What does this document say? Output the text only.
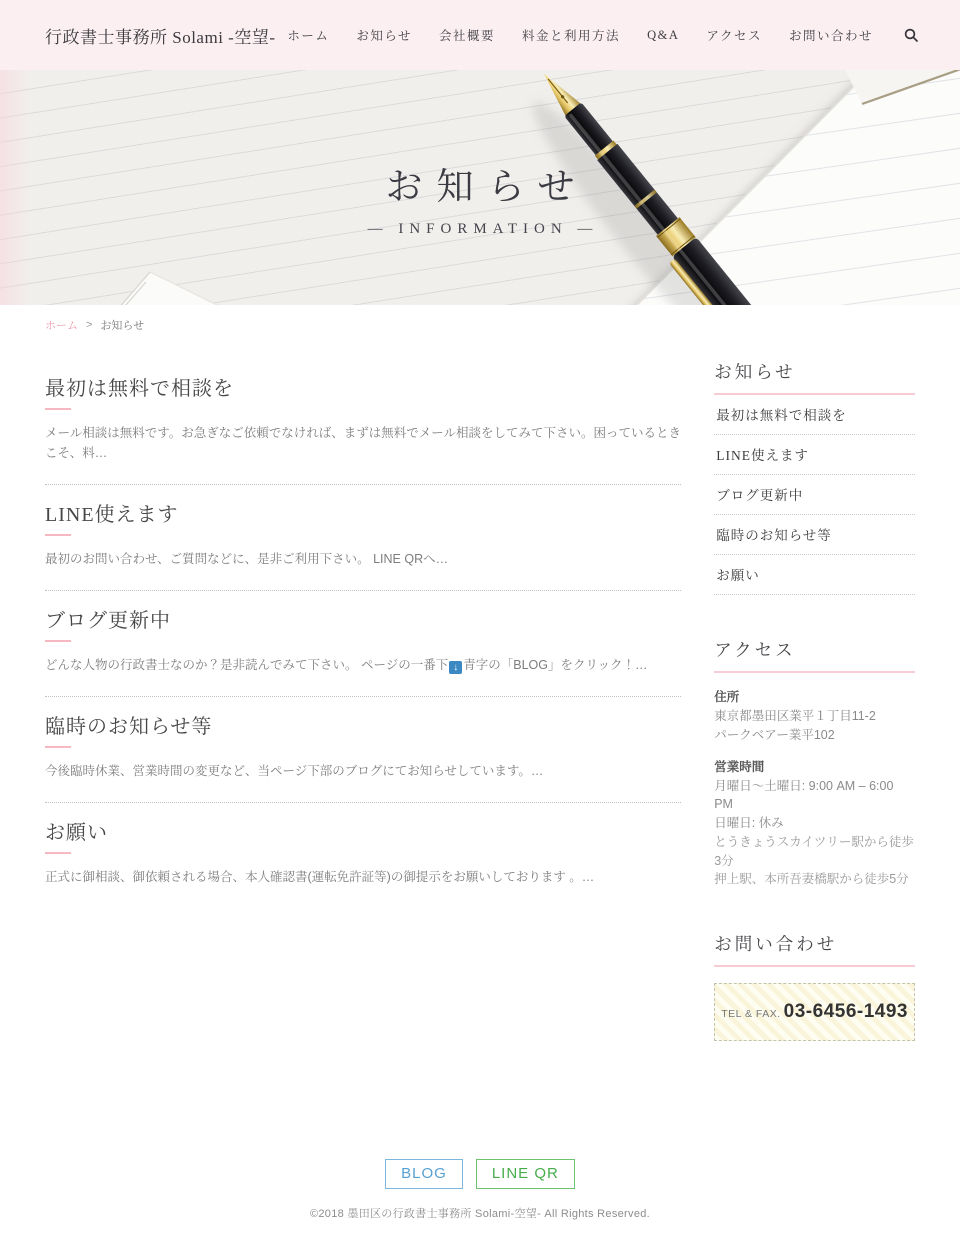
行政書士事務所 Solami -空望- ホーム お知らせ 会社概要 料金と利用方法 Q&A アクセス お問い合わせ
お知らせ
— INFORMATION —
ホーム > お知らせ
最初は無料で相談を

メール相談は無料です。お急ぎなご依頼でなければ、まずは無料でメール相談をしてみて下さい。困っているときこそ、料…

LINE使えます

最初のお問い合わせ、ご質問などに、是非ご利用下さい。 LINE QRへ…

ブログ更新中

どんな人物の行政書士なのか？是非読んでみて下さい。 ページの一番下 ↓ 青字の「BLOG」をクリック！…

臨時のお知らせ等

今後臨時休業、営業時間の変更など、当ページ下部のブログにてお知らせしています。…

お願い

正式に御相談、御依頼される場合、本人確認書(運転免許証等)の御提示をお願いしております 。…

お知らせ
最初は無料で相談を
LINE使えます
ブログ更新中
臨時のお知らせ等
お願い
アクセス
住所
東京都墨田区業平１丁目11-2
パークベアー業平102
営業時間
月曜日〜土曜日: 9:00 AM – 6:00 PM
日曜日: 休み
とうきょうスカイツリー駅から徒歩3分
押上駅、本所吾妻橋駅から徒歩5分
お問い合わせ
TEL & FAX. 03-6456-1493
BLOG	LINE QR
©2018 墨田区の行政書士事務所 Solami-空望- All Rights Reserved.
